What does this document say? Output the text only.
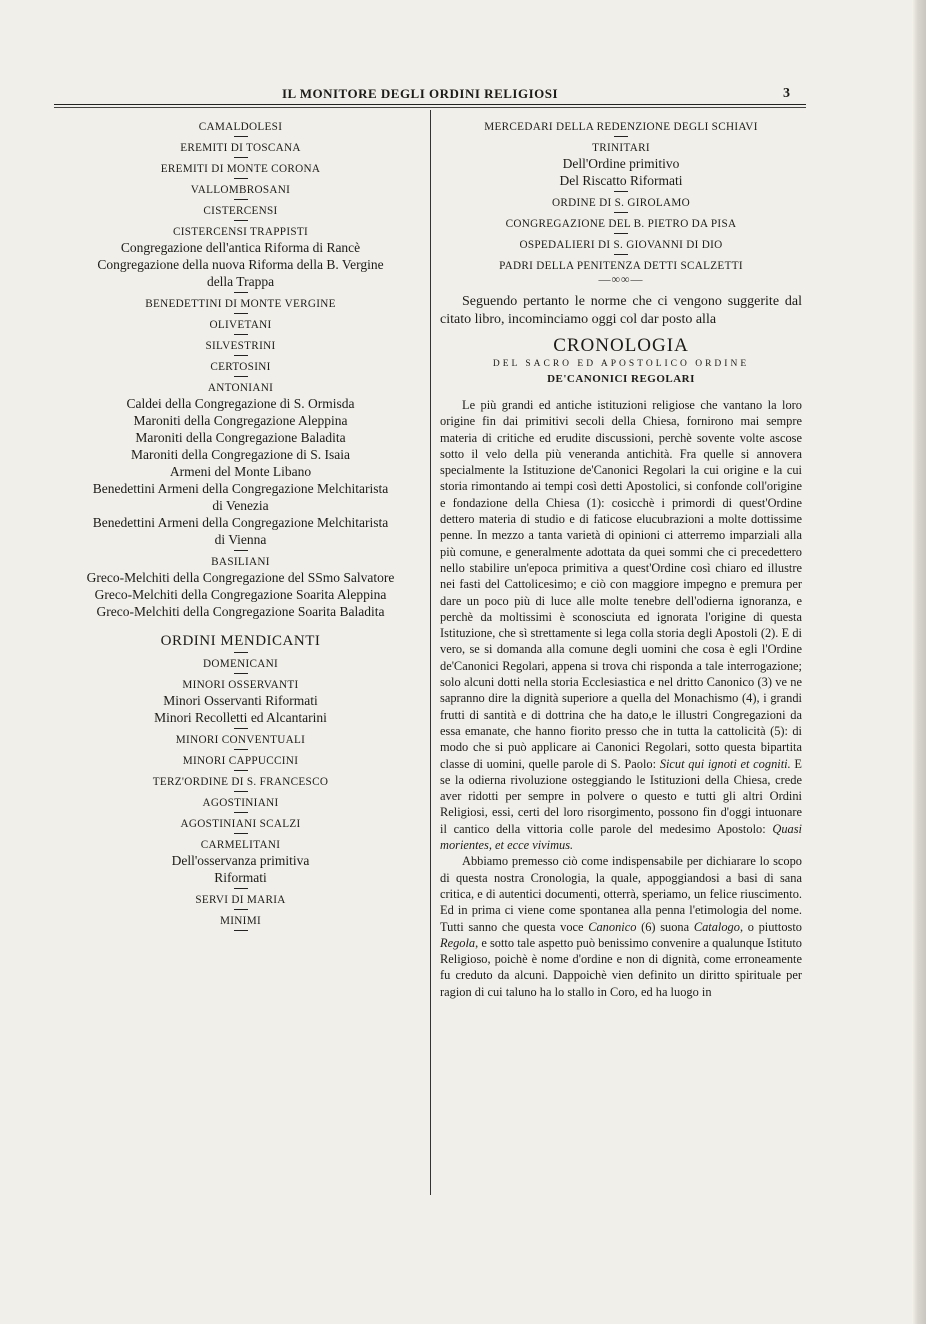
IL MONITORE DEGLI ORDINI RELIGIOSI	3

CAMALDOLESI

EREMITI DI TOSCANA

EREMITI DI MONTE CORONA

VALLOMBROSANI

CISTERCENSI

CISTERCENSI TRAPPISTI

Congregazione dell'antica Riforma di Rancè

Congregazione della nuova Riforma della B. Vergine

della Trappa

BENEDETTINI DI MONTE VERGINE

OLIVETANI

SILVESTRINI

CERTOSINI

ANTONIANI

Caldei della Congregazione di S. Ormisda

Maroniti della Congregazione Aleppina

Maroniti della Congregazione Baladita

Maroniti della Congregazione di S. Isaia

Armeni del Monte Libano

Benedettini Armeni della Congregazione Melchitarista

di Venezia

Benedettini Armeni della Congregazione Melchitarista

di Vienna

BASILIANI

Greco-Melchiti della Congregazione del SSmo Salvatore

Greco-Melchiti della Congregazione Soarita Aleppina

Greco-Melchiti della Congregazione Soarita Baladita

ORDINI MENDICANTI

DOMENICANI

MINORI OSSERVANTI

Minori Osservanti Riformati

Minori Recolletti ed Alcantarini

MINORI CONVENTUALI

MINORI CAPPUCCINI

TERZ'ORDINE DI S. FRANCESCO

AGOSTINIANI

AGOSTINIANI SCALZI

CARMELITANI

Dell'osservanza primitiva

Riformati

SERVI DI MARIA

MINIMI

MERCEDARI DELLA REDENZIONE DEGLI SCHIAVI

TRINITARI

Dell'Ordine primitivo

Del Riscatto Riformati

ORDINE DI S. GIROLAMO

CONGREGAZIONE DEL B. PIETRO DA PISA

OSPEDALIERI DI S. GIOVANNI DI DIO

PADRI DELLA PENITENZA DETTI SCALZETTI

—∞∞—

Seguendo pertanto le norme che ci vengono suggerite dal citato libro, incominciamo oggi col dar posto alla

CRONOLOGIA

DEL SACRO ED APOSTOLICO ORDINE

DE'CANONICI REGOLARI

Le più grandi ed antiche istituzioni religiose che vantano la loro origine fin dai primitivi secoli della Chiesa, fornirono mai sempre materia di critiche ed erudite discussioni, perchè sovente volte ascose sotto il velo della più veneranda antichità. Fra quelle si annovera specialmente la Istituzione de'Canonici Regolari la cui origine e la cui storia rimontando ai tempi così detti Apostolici, si confonde coll'origine e fondazione della Chiesa (1): cosicchè i primordi di quest'Ordine dettero materia di studio e di faticose elucubrazioni a molte dottissime penne. In mezzo a tanta varietà di opinioni ci atterremo imparziali alla più comune, e generalmente adottata da quei sommi che ci precedettero nello stabilire un'epoca primitiva a quest'Ordine così chiaro ed illustre nei fasti del Cattolicesimo; e ciò con maggiore impegno e premura per dare un poco più di luce alle molte tenebre dell'odierna ignoranza, e perchè da moltissimi è sconosciuta ed ignorata l'origine di questa Istituzione, che sì strettamente si lega colla storia degli Apostoli (2). E di vero, se si domanda alla comune degli uomini che cosa è egli l'Ordine de'Canonici Regolari, appena si trova chi risponda a tale interrogazione; solo alcuni dotti nella storia Ecclesiastica e nel dritto Canonico (3) ve ne sapranno dire la dignità superiore a quella del Monachismo (4), i grandi frutti di santità e di dottrina che ha dato,e le illustri Congregazioni da essa emanate, che hanno fiorito presso che in tutta la cattolicità (5): di modo che si può applicare ai Canonici Regolari, sotto questa bipartita classe di uomini, quelle parole di S. Paolo: Sicut qui ignoti et cogniti. E se la odierna rivoluzione osteggiando le Istituzioni della Chiesa, crede aver ridotti per sempre in polvere o questo e tutti gli altri Ordini Religiosi, essi, certi del loro risorgimento, possono fin d'oggi intuonare il cantico della vittoria colle parole del medesimo Apostolo: Quasi morientes, et ecce vivimus.

Abbiamo premesso ciò come indispensabile per dichiarare lo scopo di questa nostra Cronologia, la quale, appoggiandosi a basi di sana critica, e di autentici documenti, otterrà, speriamo, un felice riuscimento. Ed in prima ci viene come spontanea alla penna l'etimologia del nome. Tutti sanno che questa voce Canonico (6) suona Catalogo, o piuttosto Regola, e sotto tale aspetto può benissimo convenire a qualunque Istituto Religioso, poichè è nome d'ordine e non di dignità, come erroneamente fu creduto da alcuni. Dappoichè vien definito un diritto spirituale per ragion di cui taluno ha lo stallo in Coro, ed ha luogo in
